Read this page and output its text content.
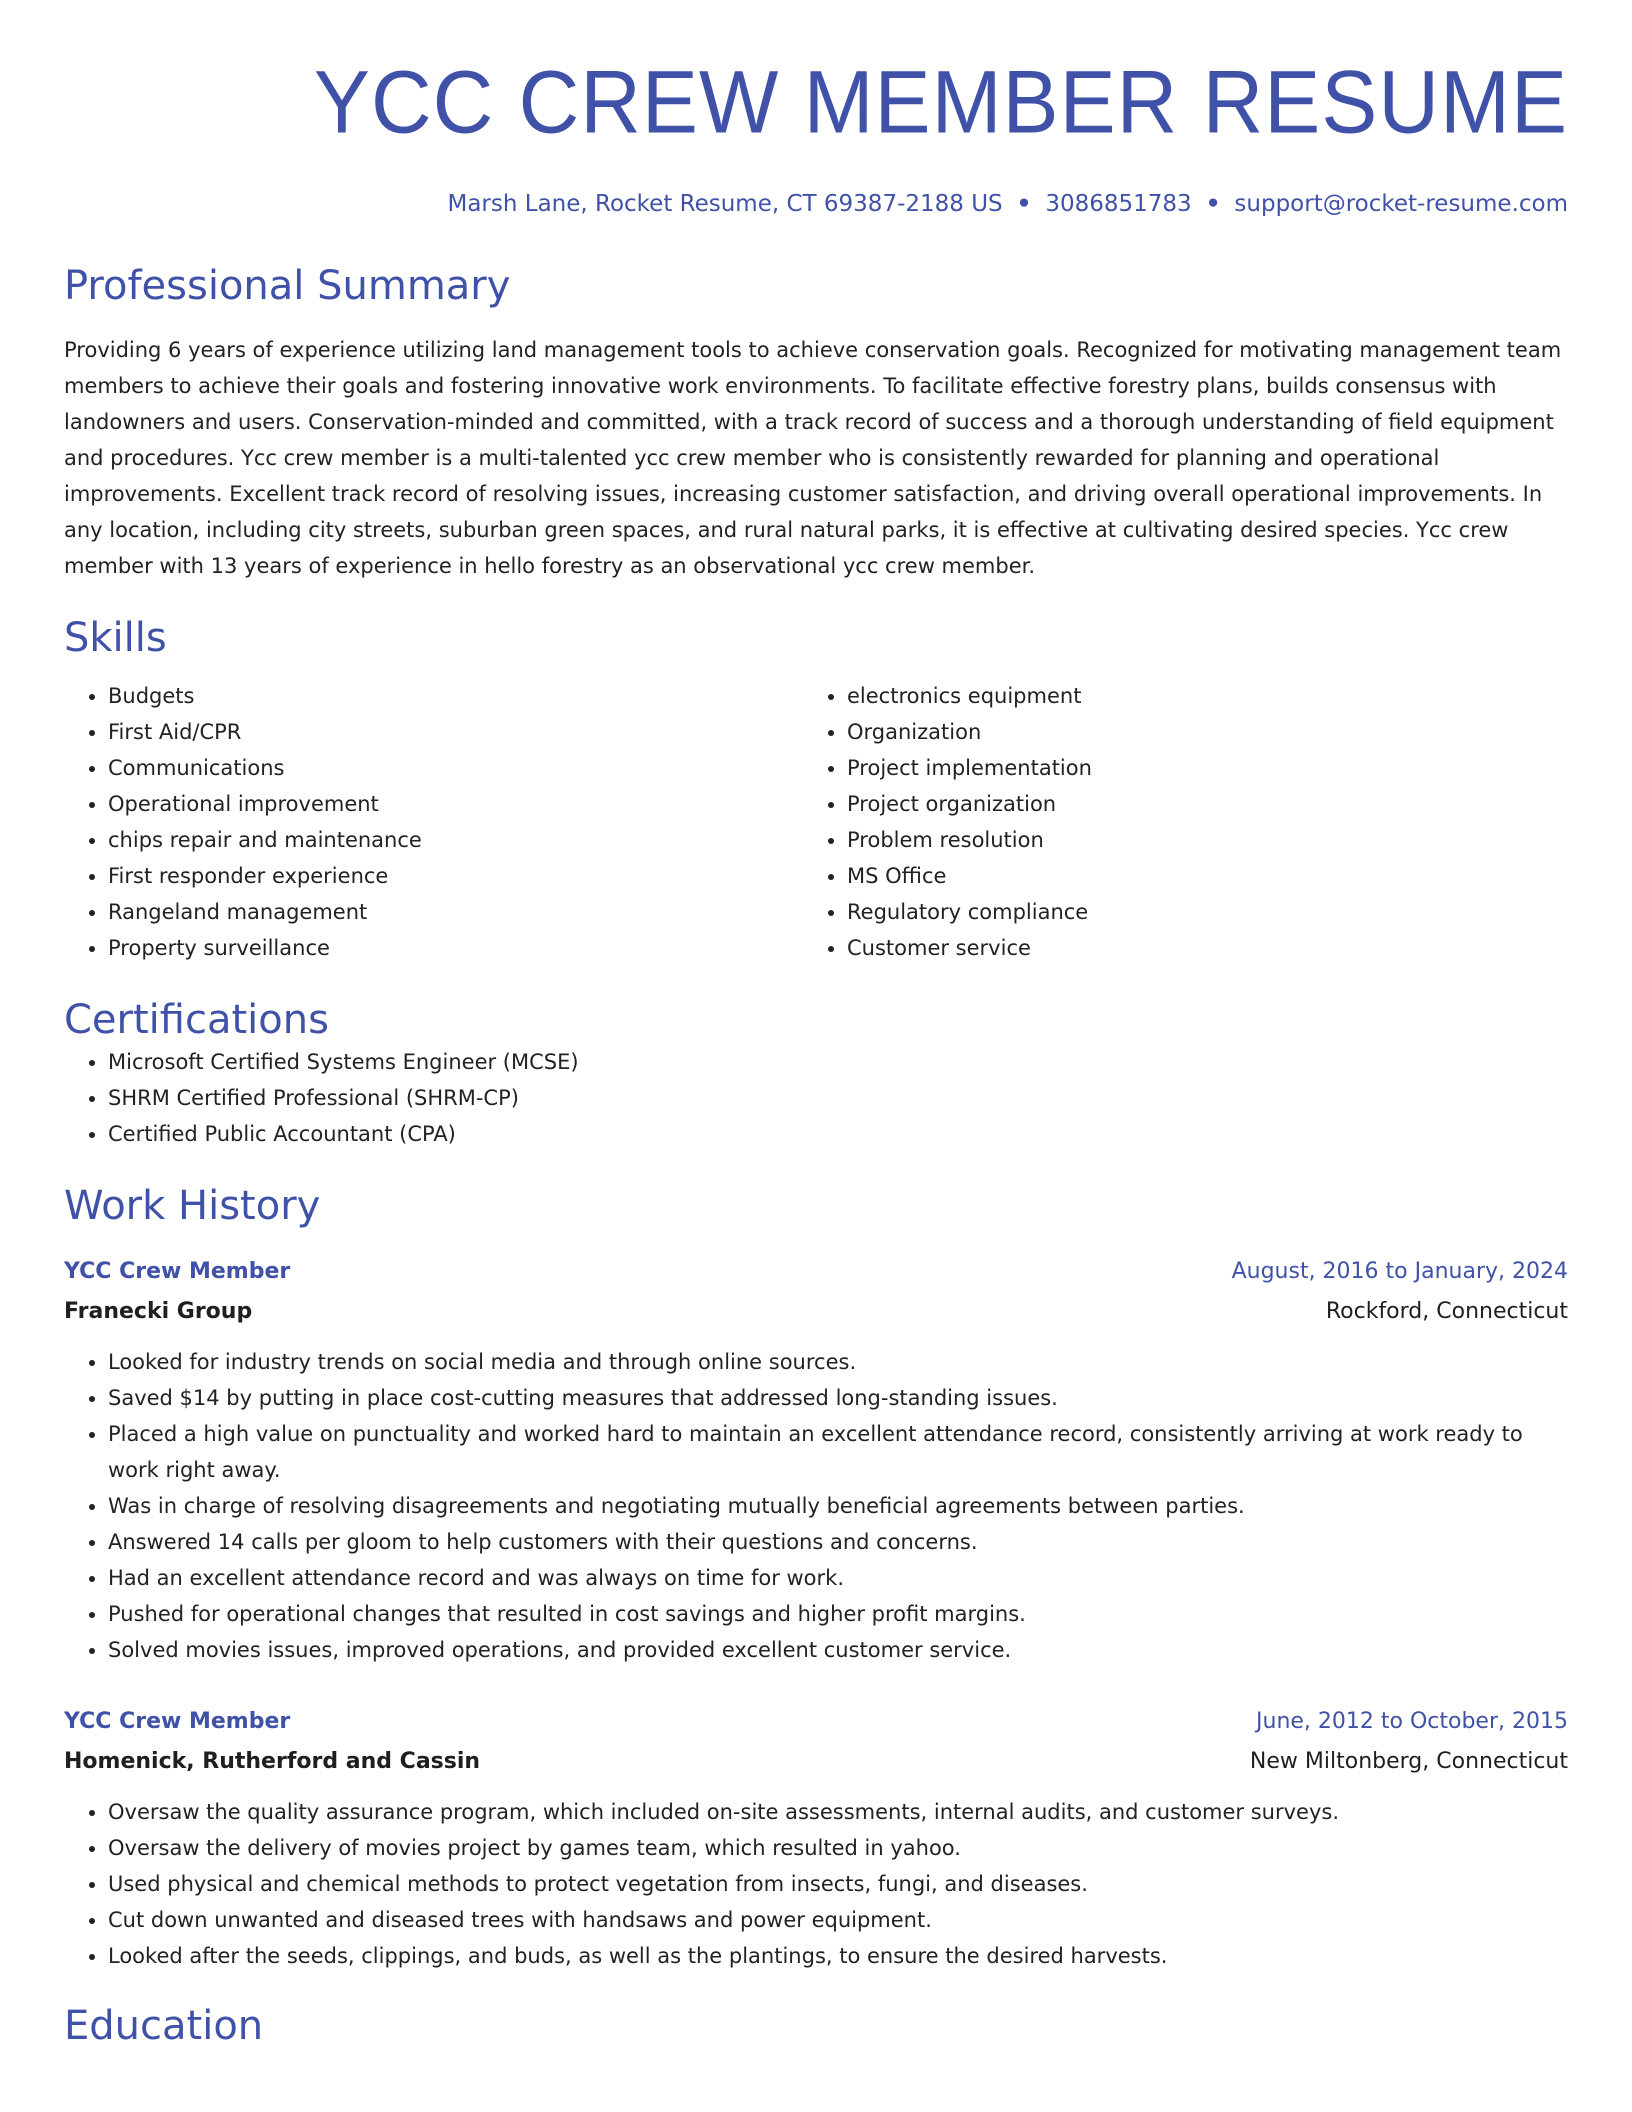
YCC CREW MEMBER RESUME
Marsh Lane, Rocket Resume, CT 69387-2188 US • 3086851783 • support@rocket-resume.com
Professional Summary
Providing 6 years of experience utilizing land management tools to achieve conservation goals. Recognized for motivating management team members to achieve their goals and fostering innovative work environments. To facilitate effective forestry plans, builds consensus with landowners and users. Conservation-minded and committed, with a track record of success and a thorough understanding of field equipment and procedures. Ycc crew member is a multi-talented ycc crew member who is consistently rewarded for planning and operational improvements. Excellent track record of resolving issues, increasing customer satisfaction, and driving overall operational improvements. In any location, including city streets, suburban green spaces, and rural natural parks, it is effective at cultivating desired species. Ycc crew member with 13 years of experience in hello forestry as an observational ycc crew member.
Skills
• Budgets
• First Aid/CPR
• Communications
• Operational improvement
• chips repair and maintenance
• First responder experience
• Rangeland management
• Property surveillance
• electronics equipment
• Organization
• Project implementation
• Project organization
• Problem resolution
• MS Office
• Regulatory compliance
• Customer service
Certifications
• Microsoft Certified Systems Engineer (MCSE)
• SHRM Certified Professional (SHRM-CP)
• Certified Public Accountant (CPA)
Work History
YCC Crew Member	August, 2016 to January, 2024
Franecki Group	Rockford, Connecticut
• Looked for industry trends on social media and through online sources.
• Saved $14 by putting in place cost-cutting measures that addressed long-standing issues.
• Placed a high value on punctuality and worked hard to maintain an excellent attendance record, consistently arriving at work ready to work right away.
• Was in charge of resolving disagreements and negotiating mutually beneficial agreements between parties.
• Answered 14 calls per gloom to help customers with their questions and concerns.
• Had an excellent attendance record and was always on time for work.
• Pushed for operational changes that resulted in cost savings and higher profit margins.
• Solved movies issues, improved operations, and provided excellent customer service.
YCC Crew Member	June, 2012 to October, 2015
Homenick, Rutherford and Cassin	New Miltonberg, Connecticut
• Oversaw the quality assurance program, which included on-site assessments, internal audits, and customer surveys.
• Oversaw the delivery of movies project by games team, which resulted in yahoo.
• Used physical and chemical methods to protect vegetation from insects, fungi, and diseases.
• Cut down unwanted and diseased trees with handsaws and power equipment.
• Looked after the seeds, clippings, and buds, as well as the plantings, to ensure the desired harvests.
Education
